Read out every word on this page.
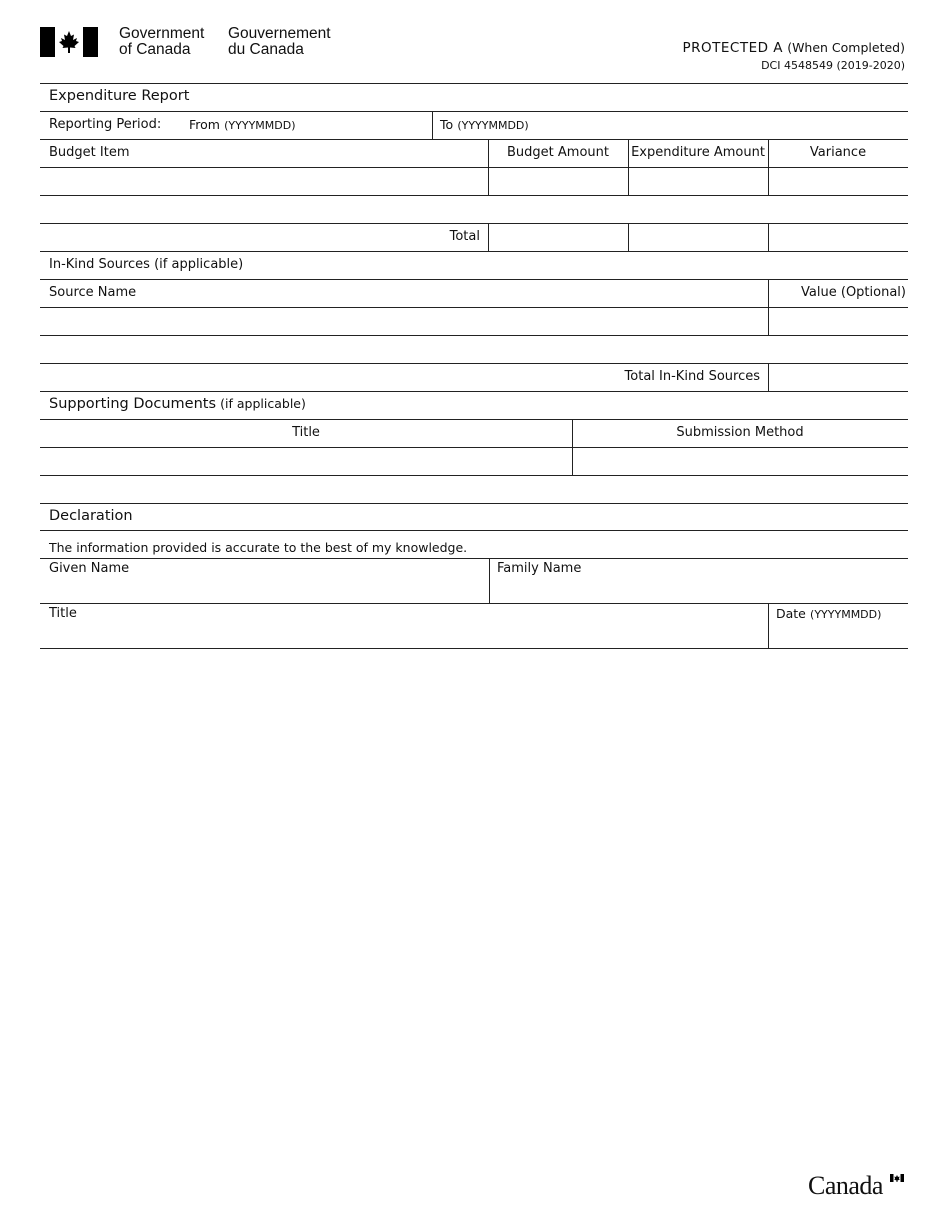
Government
of Canada
Gouvernement
du Canada	PROTECTED A (When Completed)
DCI 4548549 (2019-2020)
Expenditure Report
Reporting Period: From (YYYYMMDD)	To (YYYYMMDD)
Budget Item	Budget Amount	Expenditure Amount	Variance
Total
In-Kind Sources (if applicable)
Source Name	Value (Optional)
Total In-Kind Sources
Supporting Documents (if applicable)
Title	Submission Method
Declaration
The information provided is accurate to the best of my knowledge.
Given Name	Family Name
Title	Date (YYYYMMDD)
Canada
